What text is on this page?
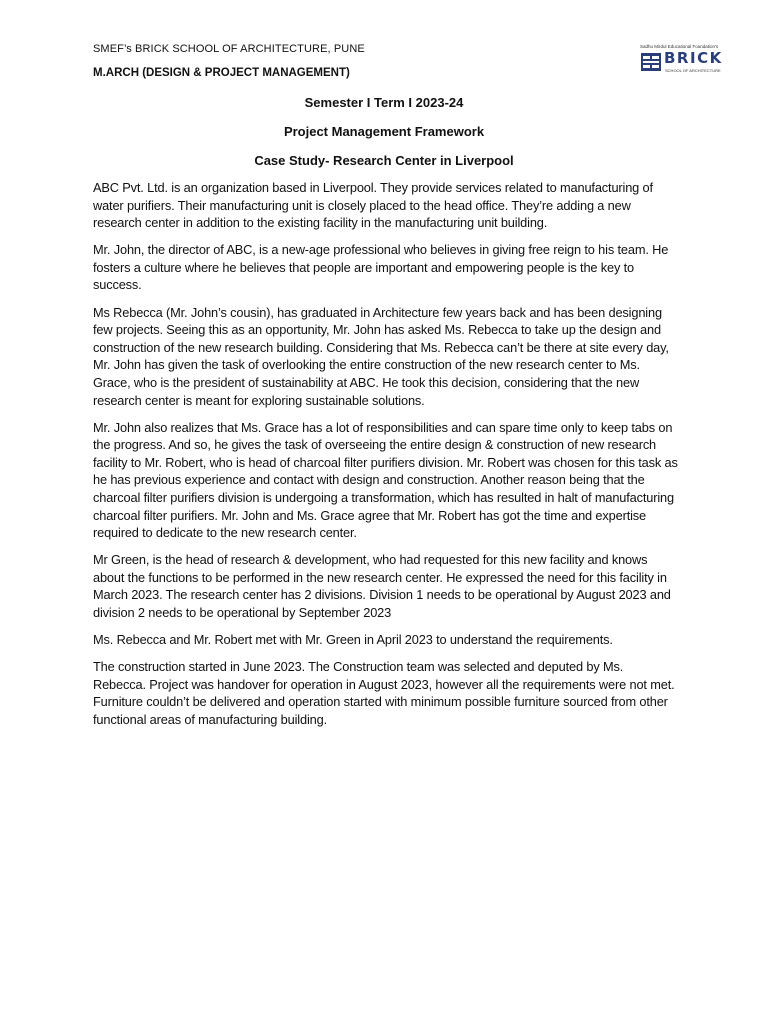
SMEF’s BRICK SCHOOL OF ARCHITECTURE, PUNE
M.ARCH (DESIGN & PROJECT MANAGEMENT)
Sadhu Mirdul Educational Foundation's
BRICK
SCHOOL OF ARCHITECTURE
Semester I Term I 2023-24
Project Management Framework
Case Study- Research Center in Liverpool

ABC Pvt. Ltd. is an organization based in Liverpool. They provide services related to manufacturing of water purifiers. Their manufacturing unit is closely placed to the head office. They’re adding a new research center in addition to the existing facility in the manufacturing unit building.

Mr. John, the director of ABC, is a new-age professional who believes in giving free reign to his team. He fosters a culture where he believes that people are important and empowering people is the key to success.

Ms Rebecca (Mr. John’s cousin), has graduated in Architecture few years back and has been designing few projects. Seeing this as an opportunity, Mr. John has asked Ms. Rebecca to take up the design and construction of the new research building. Considering that Ms. Rebecca can’t be there at site every day, Mr. John has given the task of overlooking the entire construction of the new research center to Ms. Grace, who is the president of sustainability at ABC. He took this decision, considering that the new research center is meant for exploring sustainable solutions.

Mr. John also realizes that Ms. Grace has a lot of responsibilities and can spare time only to keep tabs on the progress. And so, he gives the task of overseeing the entire design & construction of new research facility to Mr. Robert, who is head of charcoal filter purifiers division. Mr. Robert was chosen for this task as he has previous experience and contact with design and construction. Another reason being that the charcoal filter purifiers division is undergoing a transformation, which has resulted in halt of manufacturing charcoal filter purifiers. Mr. John and Ms. Grace agree that Mr. Robert has got the time and expertise required to dedicate to the new research center.

Mr Green, is the head of research & development, who had requested for this new facility and knows about the functions to be performed in the new research center. He expressed the need for this facility in March 2023. The research center has 2 divisions. Division 1 needs to be operational by August 2023 and division 2 needs to be operational by September 2023

Ms. Rebecca and Mr. Robert met with Mr. Green in April 2023 to understand the requirements.

The construction started in June 2023. The Construction team was selected and deputed by Ms. Rebecca. Project was handover for operation in August 2023, however all the requirements were not met. Furniture couldn’t be delivered and operation started with minimum possible furniture sourced from other functional areas of manufacturing building.
